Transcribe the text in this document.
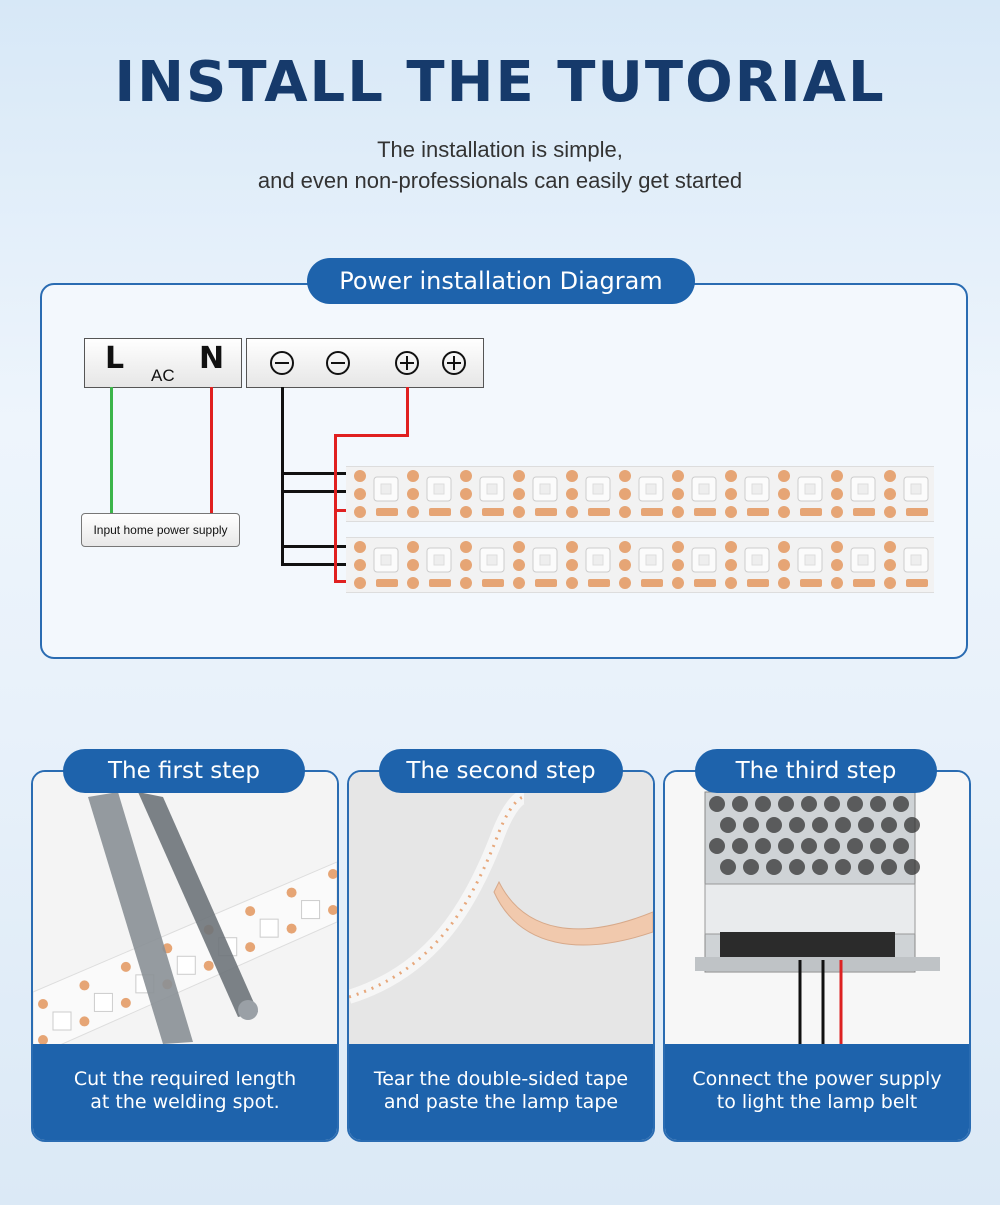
INSTALL THE TUTORIAL
The installation is simple,
and even non-professionals can easily get started
Power installation Diagram
L AC N
Input home power supply
Cut the required length
at the welding spot.
The first step
Tear the double-sided tape
and paste the lamp tape
The second step
Connect the power supply
to light the lamp belt
The third step
